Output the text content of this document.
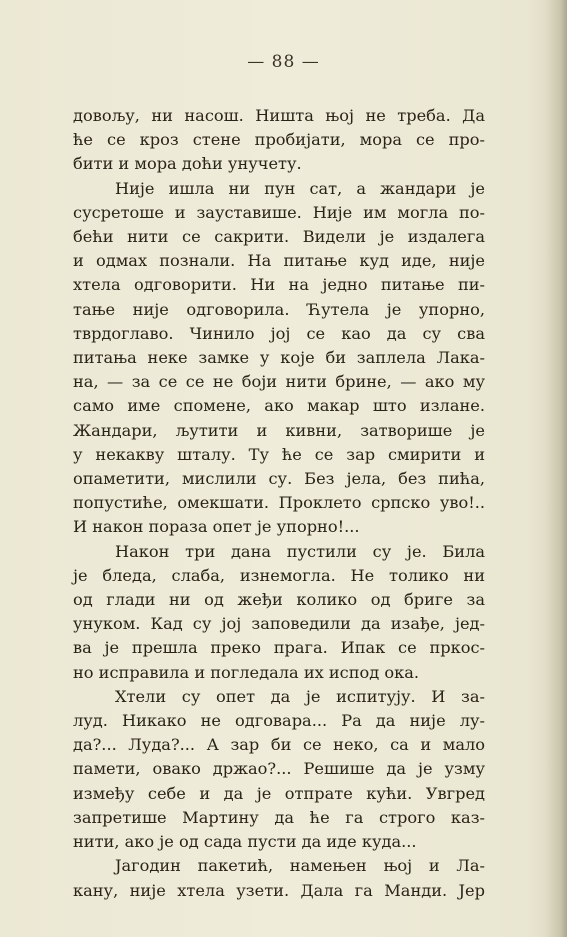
— 88 —
довољу, ни насош. Ништа њој не треба. Да
ће се кроз стене пробијати, мора се про-
бити и мора доћи унучету.
Није ишла ни пун сат, а жандари је
сусретоше и зауставише. Није им могла по-
бећи нити се сакрити. Видели је издалега
и одмах познали. На питање куд иде, није
хтела одговорити. Ни на једно питање пи-
тање није одговорила. Ћутела је упорно,
тврдоглаво. Чинило јој се као да су сва
питања неке замке у које би заплела Лака-
на, — за се се не боји нити брине, — ако му
само име спомене, ако макар што излане.
Жандари, љутити и кивни, затворише је
у некакву шталу. Ту ће се зар смирити и
опаметити, мислили су. Без јела, без пића,
попустиће, омекшати. Проклето српско уво!..
И након пораза опет је упорно!...
Након три дана пустили су је. Била
је бледа, слаба, изнемогла. Не толико ни
од глади ни од жеђи колико од бриге за
унуком. Кад су јој заповедили да изађе, јед-
ва је прешла преко прага. Ипак се пркос-
но исправила и погледала их испод ока.
Хтели су опет да је испитују. И за-
луд. Никако не одговара... Ра да није лу-
да?... Луда?... А зар би се неко, са и мало
памети, овако држао?... Решише да је узму
између себе и да је отпрате кући. Увгред
запретише Мартину да ће га строго каз-
нити, ако је од сада пусти да иде куда...
Јагодин пакетић, намењен њој и Ла-
кану, није хтела узети. Дала га Манди. Јер
